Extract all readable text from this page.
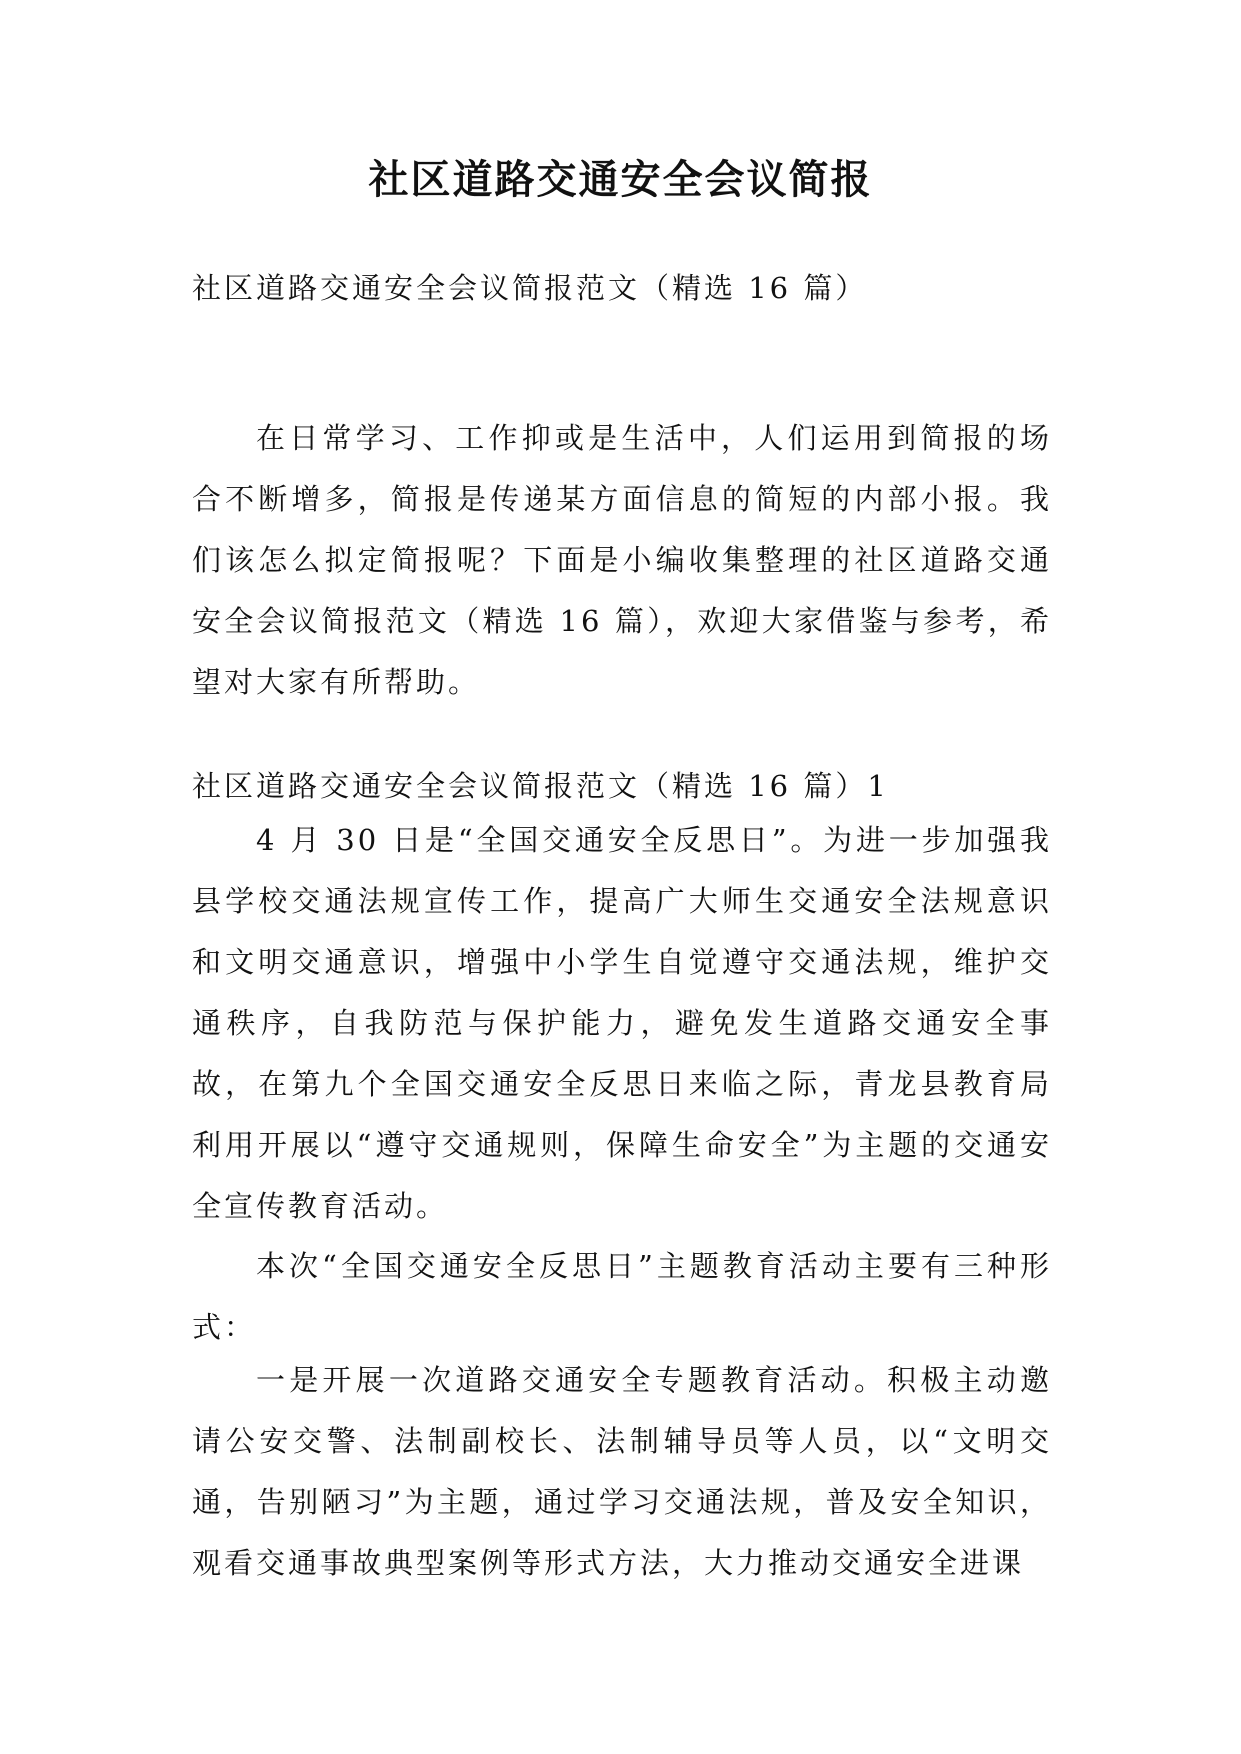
社区道路交通安全会议简报

社区道路交通安全会议简报范文（精选 16 篇）

在日常学习、工作抑或是生活中，人们运用到简报的场合不断增多，简报是传递某方面信息的简短的内部小报。我们该怎么拟定简报呢？下面是小编收集整理的社区道路交通安全会议简报范文（精选 16 篇），欢迎大家借鉴与参考，希望对大家有所帮助。

社区道路交通安全会议简报范文（精选 16 篇）1

4 月 30 日是“全国交通安全反思日”。为进一步加强我县学校交通法规宣传工作，提高广大师生交通安全法规意识和文明交通意识，增强中小学生自觉遵守交通法规，维护交通秩序，自我防范与保护能力，避免发生道路交通安全事故，在第九个全国交通安全反思日来临之际，青龙县教育局利用开展以“遵守交通规则，保障生命安全”为主题的交通安全宣传教育活动。

本次“全国交通安全反思日”主题教育活动主要有三种形式：

一是开展一次道路交通安全专题教育活动。积极主动邀请公安交警、法制副校长、法制辅导员等人员，以“文明交通，告别陋习”为主题，通过学习交通法规，普及安全知识，观看交通事故典型案例等形式方法，大力推动交通安全进课
